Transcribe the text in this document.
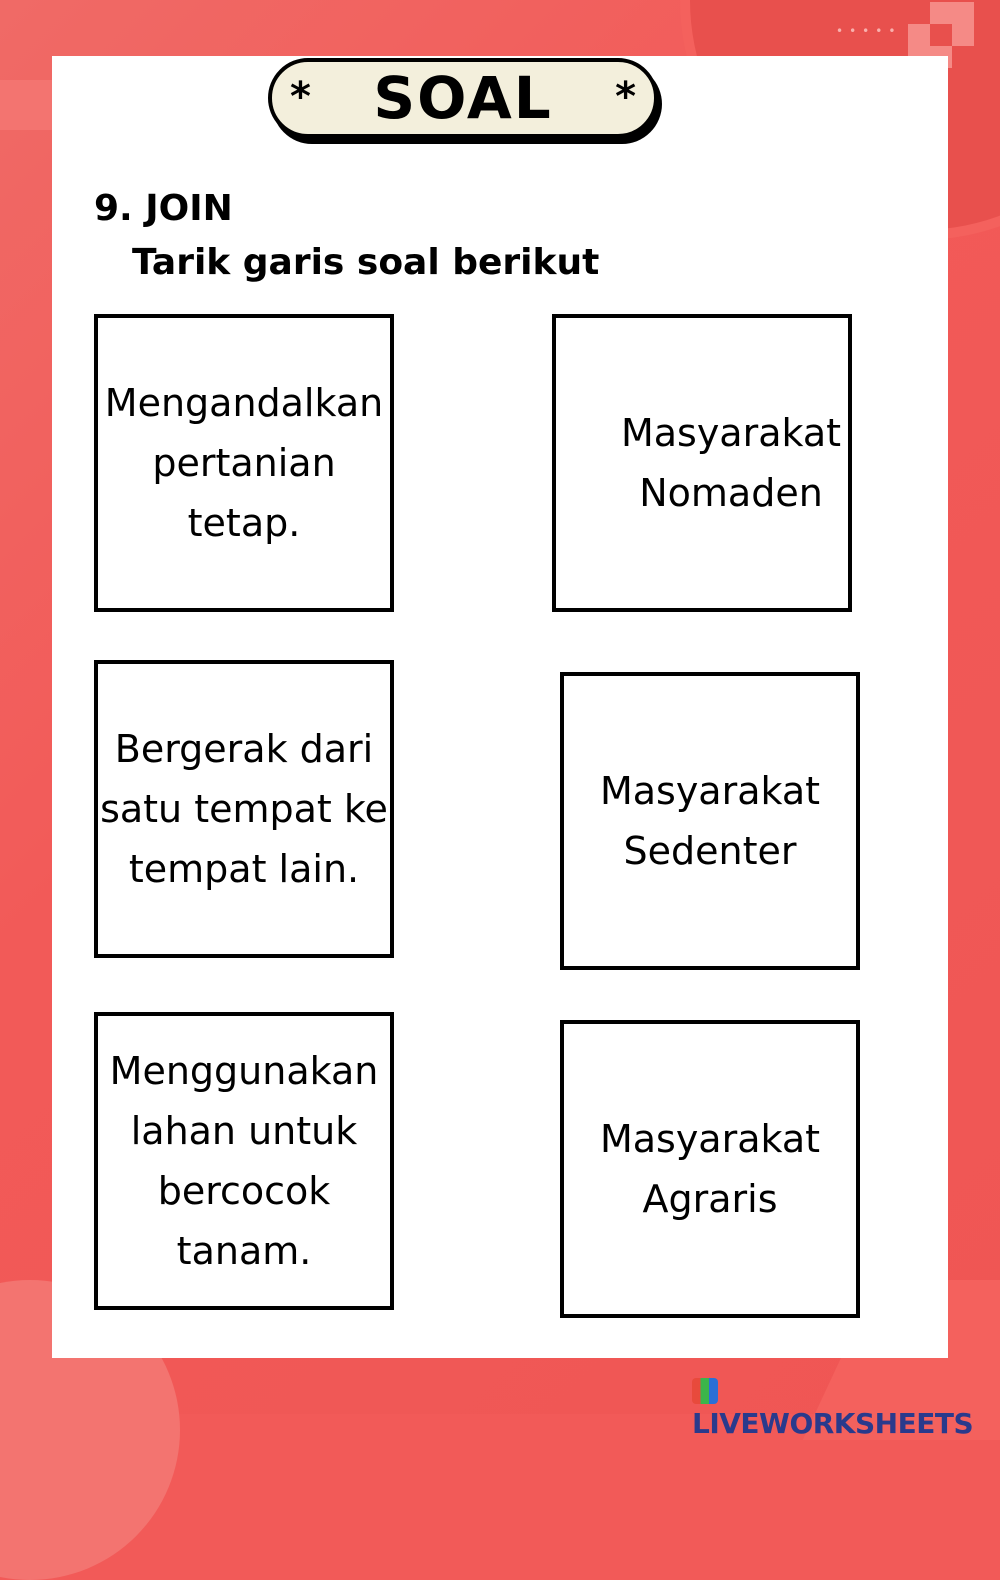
•••••
* SOAL *
9. JOIN
Tarik garis soal berikut
Mengandalkan pertanian tetap.
Bergerak dari satu tempat ke tempat lain.
Menggunakan lahan untuk bercocok tanam.
Masyarakat Nomaden
Masyarakat Sedenter
Masyarakat Agraris
LIVEWORKSHEETS
